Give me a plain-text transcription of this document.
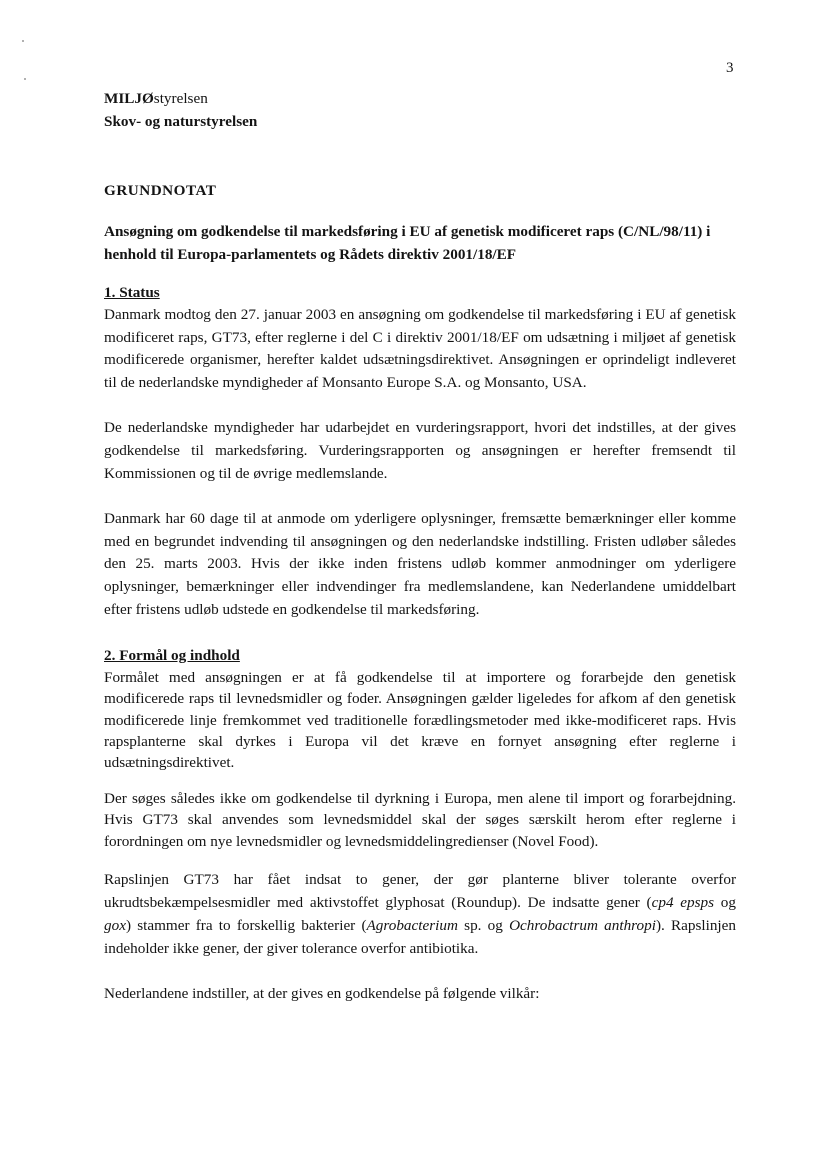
3
MILJØstyrelsen
Skov- og naturstyrelsen
GRUNDNOTAT
Ansøgning om godkendelse til markedsføring i EU af genetisk modificeret raps (C/NL/98/11) i henhold til Europa-parlamentets og Rådets direktiv 2001/18/EF
1. Status

Danmark modtog den 27. januar 2003 en ansøgning om godkendelse til markedsføring i EU af genetisk modificeret raps, GT73, efter reglerne i del C i direktiv 2001/18/EF om udsætning i miljøet af genetisk modificerede organismer, herefter kaldet udsætningsdirektivet. Ansøgningen er oprindeligt indleveret til de nederlandske myndigheder af Monsanto Europe S.A. og Monsanto, USA.

De nederlandske myndigheder har udarbejdet en vurderingsrapport, hvori det indstilles, at der gives godkendelse til markedsføring. Vurderingsrapporten og ansøgningen er herefter fremsendt til Kommissionen og til de øvrige medlemslande.

Danmark har 60 dage til at anmode om yderligere oplysninger, fremsætte bemærkninger eller komme med en begrundet indvending til ansøgningen og den nederlandske indstilling. Fristen udløber således den 25. marts 2003. Hvis der ikke inden fristens udløb kommer anmodninger om yderligere oplysninger, bemærkninger eller indvendinger fra medlemslandene, kan Nederlandene umiddelbart efter fristens udløb udstede en godkendelse til markedsføring.

2. Formål og indhold

Formålet med ansøgningen er at få godkendelse til at importere og forarbejde den genetisk modificerede raps til levnedsmidler og foder. Ansøgningen gælder ligeledes for afkom af den genetisk modificerede linje fremkommet ved traditionelle forædlingsmetoder med ikke-modificeret raps. Hvis rapsplanterne skal dyrkes i Europa vil det kræve en fornyet ansøgning efter reglerne i udsætningsdirektivet.

Der søges således ikke om godkendelse til dyrkning i Europa, men alene til import og forarbejdning. Hvis GT73 skal anvendes som levnedsmiddel skal der søges særskilt herom efter reglerne i forordningen om nye levnedsmidler og levnedsmiddelingredienser (Novel Food).

Rapslinjen GT73 har fået indsat to gener, der gør planterne bliver tolerante overfor ukrudtsbekæmpelsesmidler med aktivstoffet glyphosat (Roundup). De indsatte gener (cp4 epsps og gox) stammer fra to forskellig bakterier (Agrobacterium sp. og Ochrobactrum anthropi). Rapslinjen indeholder ikke gener, der giver tolerance overfor antibiotika.

Nederlandene indstiller, at der gives en godkendelse på følgende vilkår:
